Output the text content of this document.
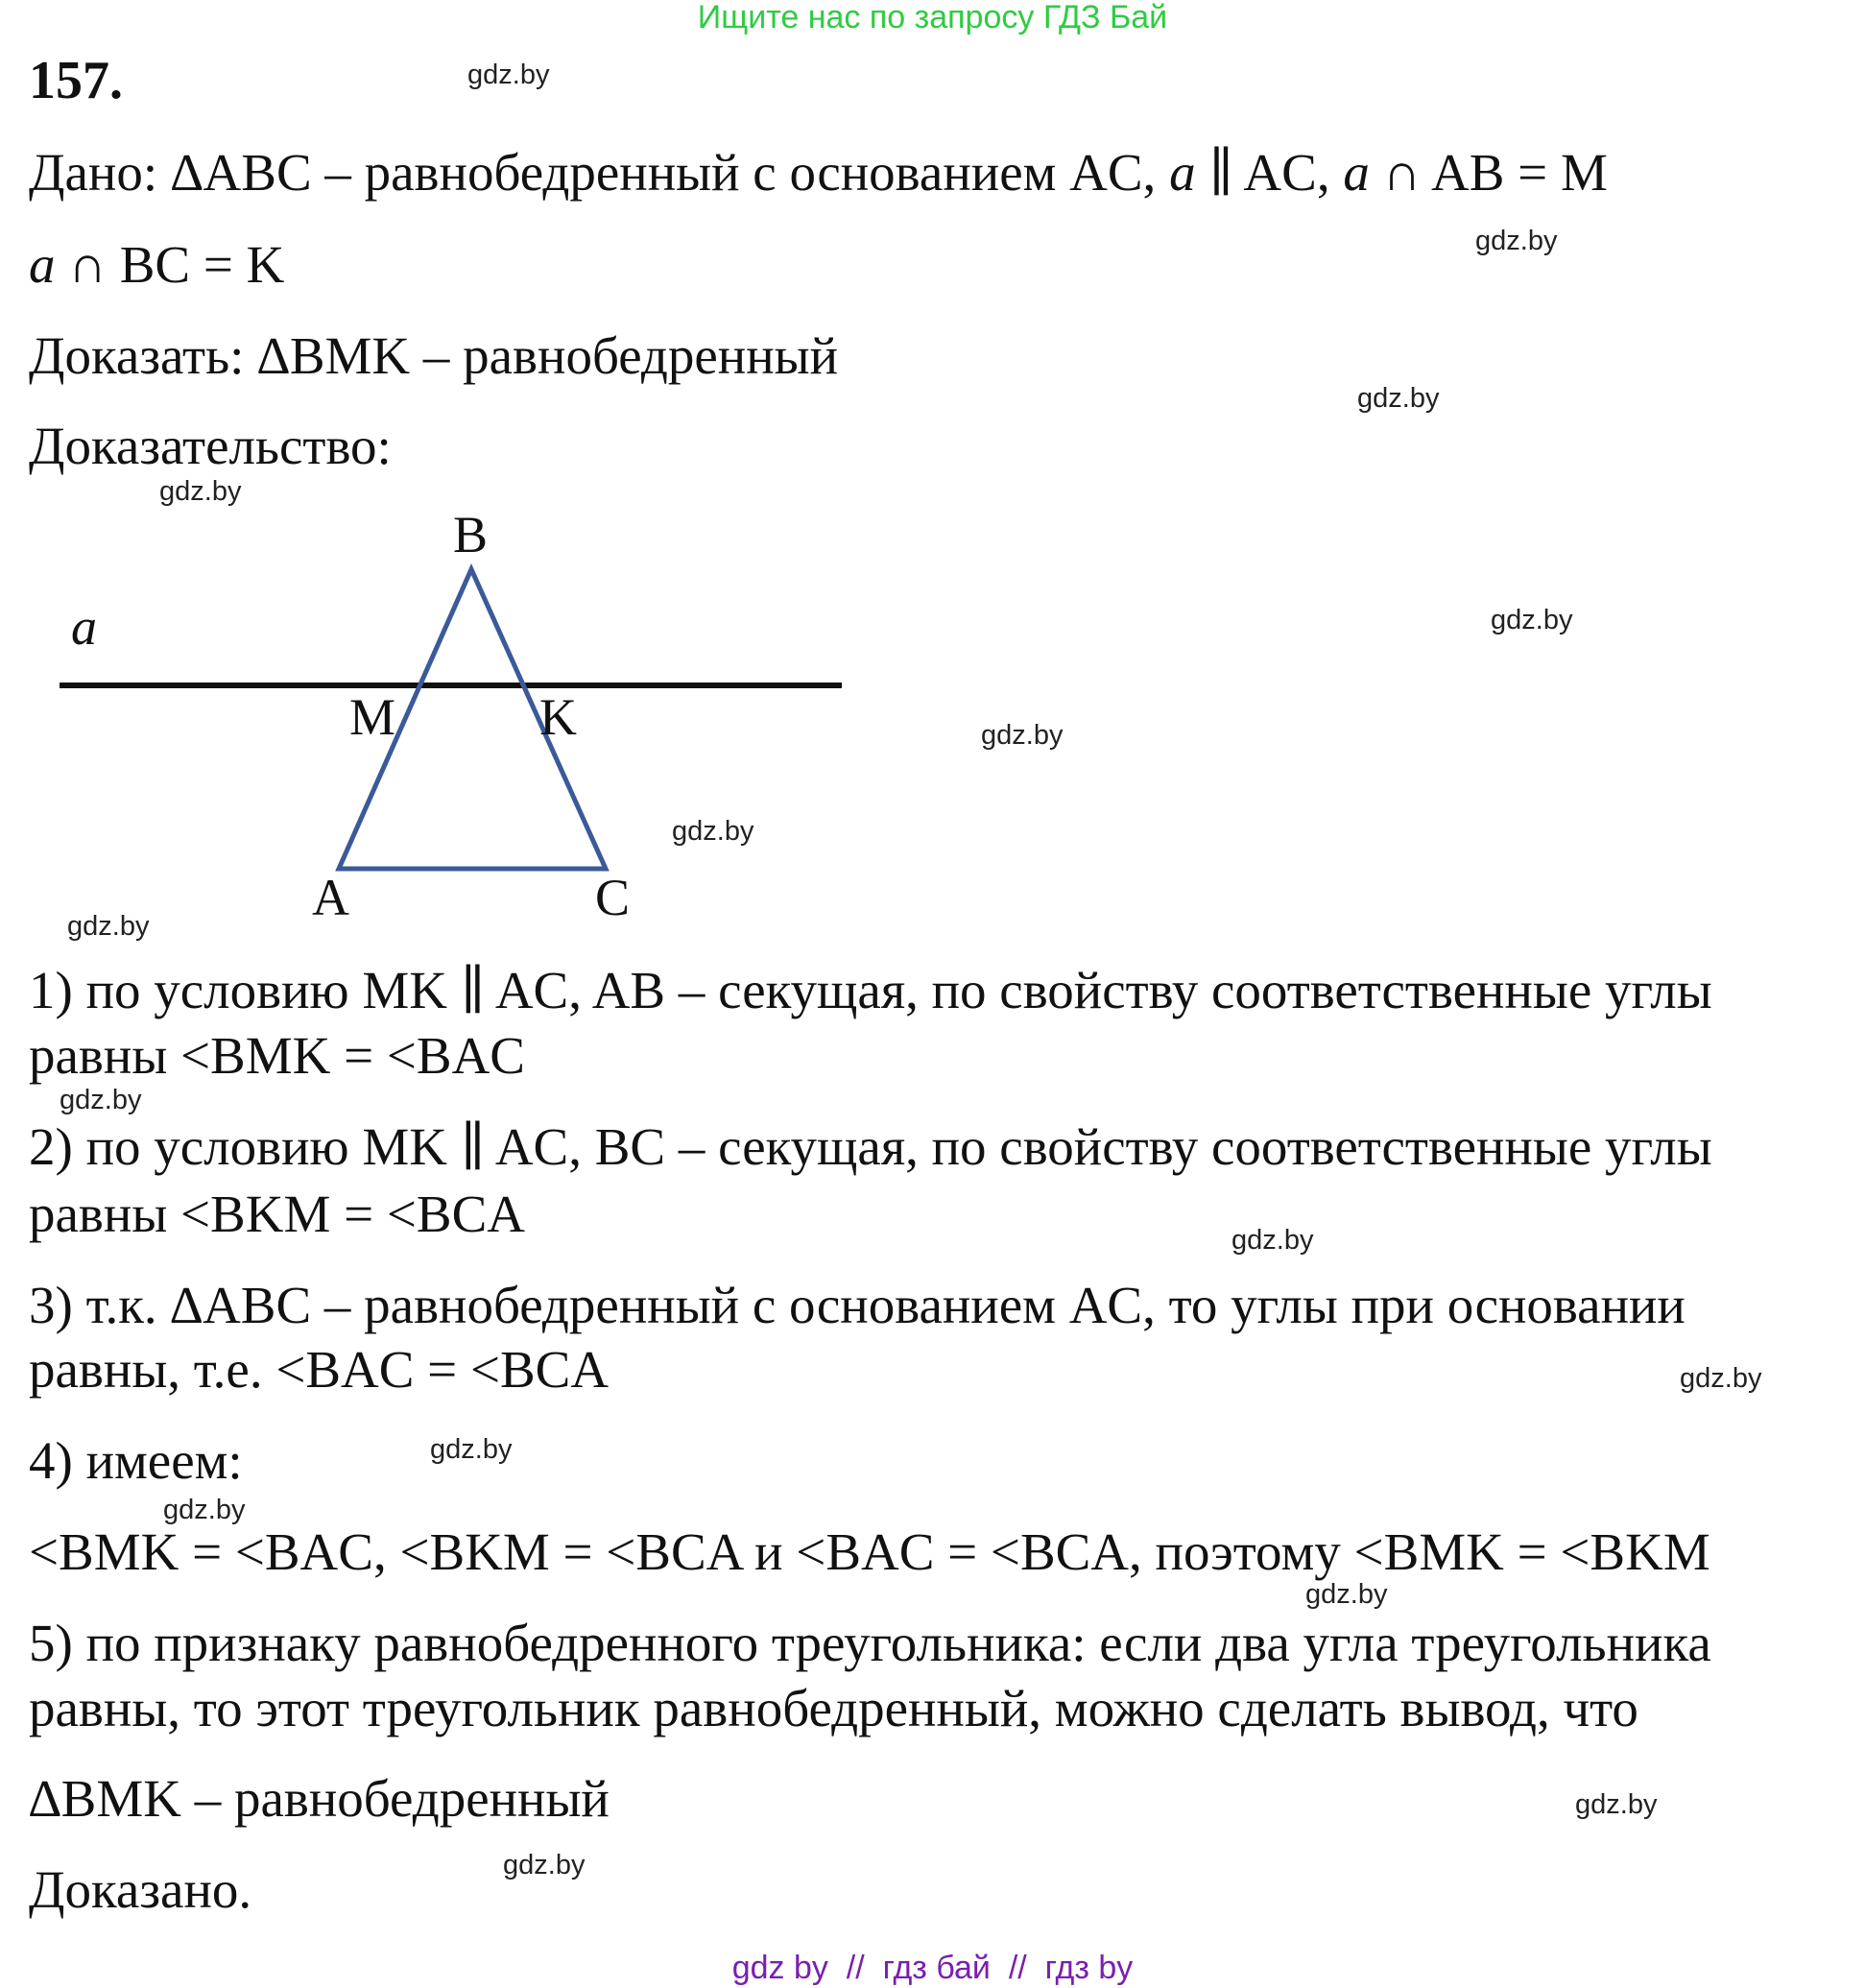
Ищите нас по запросу ГДЗ Бай
157.
Дано: ∆ABC – равнобедренный с основанием AC, a ∥ AC, a ∩ AB = M
a ∩ BC = K
Доказать: ∆BMK – равнобедренный
Доказательство:
a
B
M	K
A	C
1) по условию MK ∥ AC, AB – секущая, по свойству соответственные углы
равны <BMK = <BAC
2) по условию MK ∥ AC, BC – секущая, по свойству соответственные углы
равны <BKM = <BCA
3) т.к. ∆ABC – равнобедренный с основанием AC, то углы при основании
равны, т.е. <BAC = <BCA
4) имеем:
<BMK = <BAC, <BKM = <BCA и <BAC = <BCA, поэтому <BMK = <BKM
5) по признаку равнобедренного треугольника: если два угла треугольника
равны, то этот треугольник равнобедренный, можно сделать вывод, что
∆BMK – равнобедренный
Доказано.
gdz.by
gdz.by
gdz.by
gdz.by
gdz.by
gdz.by
gdz.by
gdz.by
gdz.by
gdz.by
gdz.by
gdz.by
gdz.by
gdz.by
gdz.by
gdz.by
gdz by  //  гдз бай  //  гдз by
